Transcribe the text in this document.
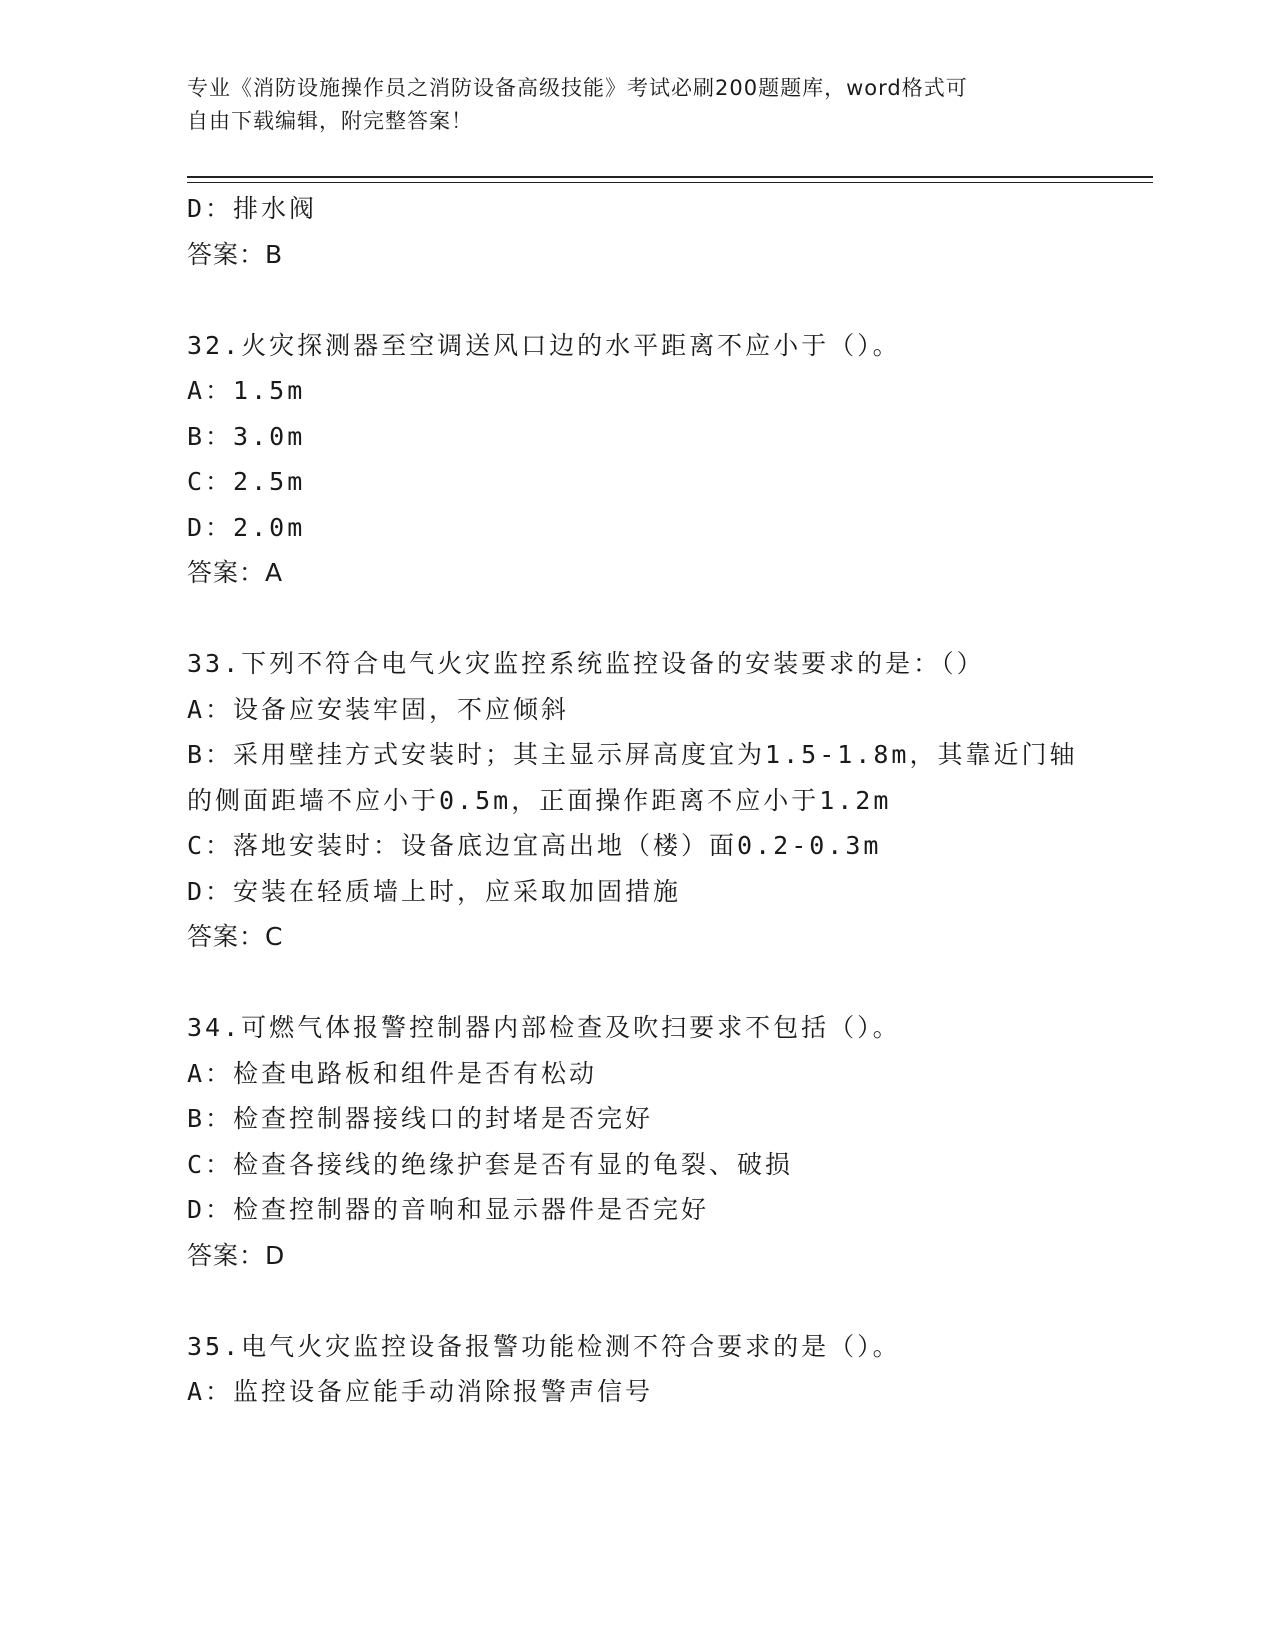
专业《消防设施操作员之消防设备高级技能》考试必刷200题题库，word格式可
自由下载编辑，附完整答案！
D：排水阀
答案：B
32.火灾探测器至空调送风口边的水平距离不应小于（）。
A：1.5m
B：3.0m
C：2.5m
D：2.0m
答案：A
33.下列不符合电气火灾监控系统监控设备的安装要求的是：（）
A：设备应安装牢固，不应倾斜
B：采用壁挂方式安装时；其主显示屏高度宜为1.5-1.8m，其靠近门轴
的侧面距墙不应小于0.5m，正面操作距离不应小于1.2m
C：落地安装时：设备底边宜高出地（楼）面0.2-0.3m
D：安装在轻质墙上时，应采取加固措施
答案：C
34.可燃气体报警控制器内部检查及吹扫要求不包括（）。
A：检查电路板和组件是否有松动
B：检查控制器接线口的封堵是否完好
C：检查各接线的绝缘护套是否有显的龟裂、破损
D：检查控制器的音响和显示器件是否完好
答案：D
35.电气火灾监控设备报警功能检测不符合要求的是（）。
A：监控设备应能手动消除报警声信号
